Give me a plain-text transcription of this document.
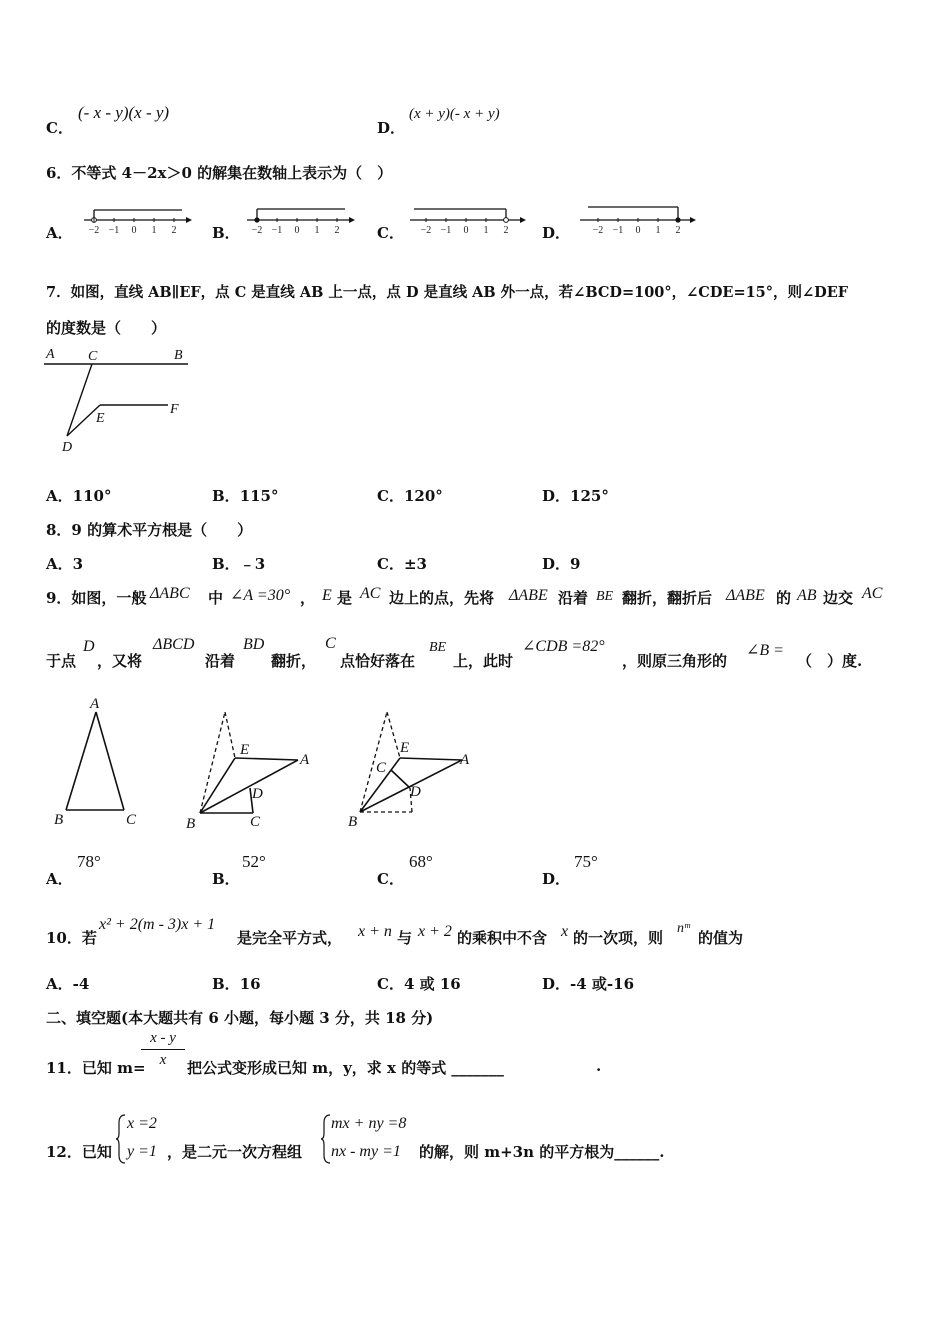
C．
(- x - y)(x - y)
D．
(x + y)(- x + y)
6．不等式 4－2x＞0 的解集在数轴上表示为（　）
A． −2 −1 0 1 2 B． −2 −1 0 1 2	C． −2 −1 0 1 2 D． −2 −1 0 1 2
7．如图，直线 AB∥EF，点 C 是直线 AB 上一点，点 D 是直线 AB 外一点，若∠BCD=100°，∠CDE=15°，则∠DEF
的度数是（　　）
A C	B
E
F
D
A．110°	B．115°	C．120°	D．125°
8．9 的算术平方根是（　　）
A．3	B．﹣3	C．±3	D．9
9．如图，一般 ΔABC 中 ∠A =30° ， E 是 AC 边上的点，先将 ΔABE 沿着 BE 翻折，翻折后 ΔABE 的 AB 边交 AC
于点
D
，又将
ΔBCD
沿着
BD
翻折，
C
点恰好落在
BE
上，此时
∠CDB =82°
，则原三角形的
∠B =
（　）度.
A
B	C
E
A
D
B	C
E
C	A
D
B
A．
78°
B．
52°
C．
68°
D．
75°
10．若
x² + 2(m - 3)x + 1
是完全平方式， x + n 与 x + 2 的乘积中不含 x 的一次项，则
nᵐ
的值为
A．-4	B．16	C．4 或 16	D．-4 或-16
二、填空题(本大题共有 6 小题，每小题 3 分，共 18 分)
11．已知 m=
x - y
x	把公式变形成已知 m，y，求 x 的等式 _______	.
12．已知
x =2
y =1 ，是二元一次方程组
mx + ny =8
nx - my =1 的解，则 m+3n 的平方根为______.
